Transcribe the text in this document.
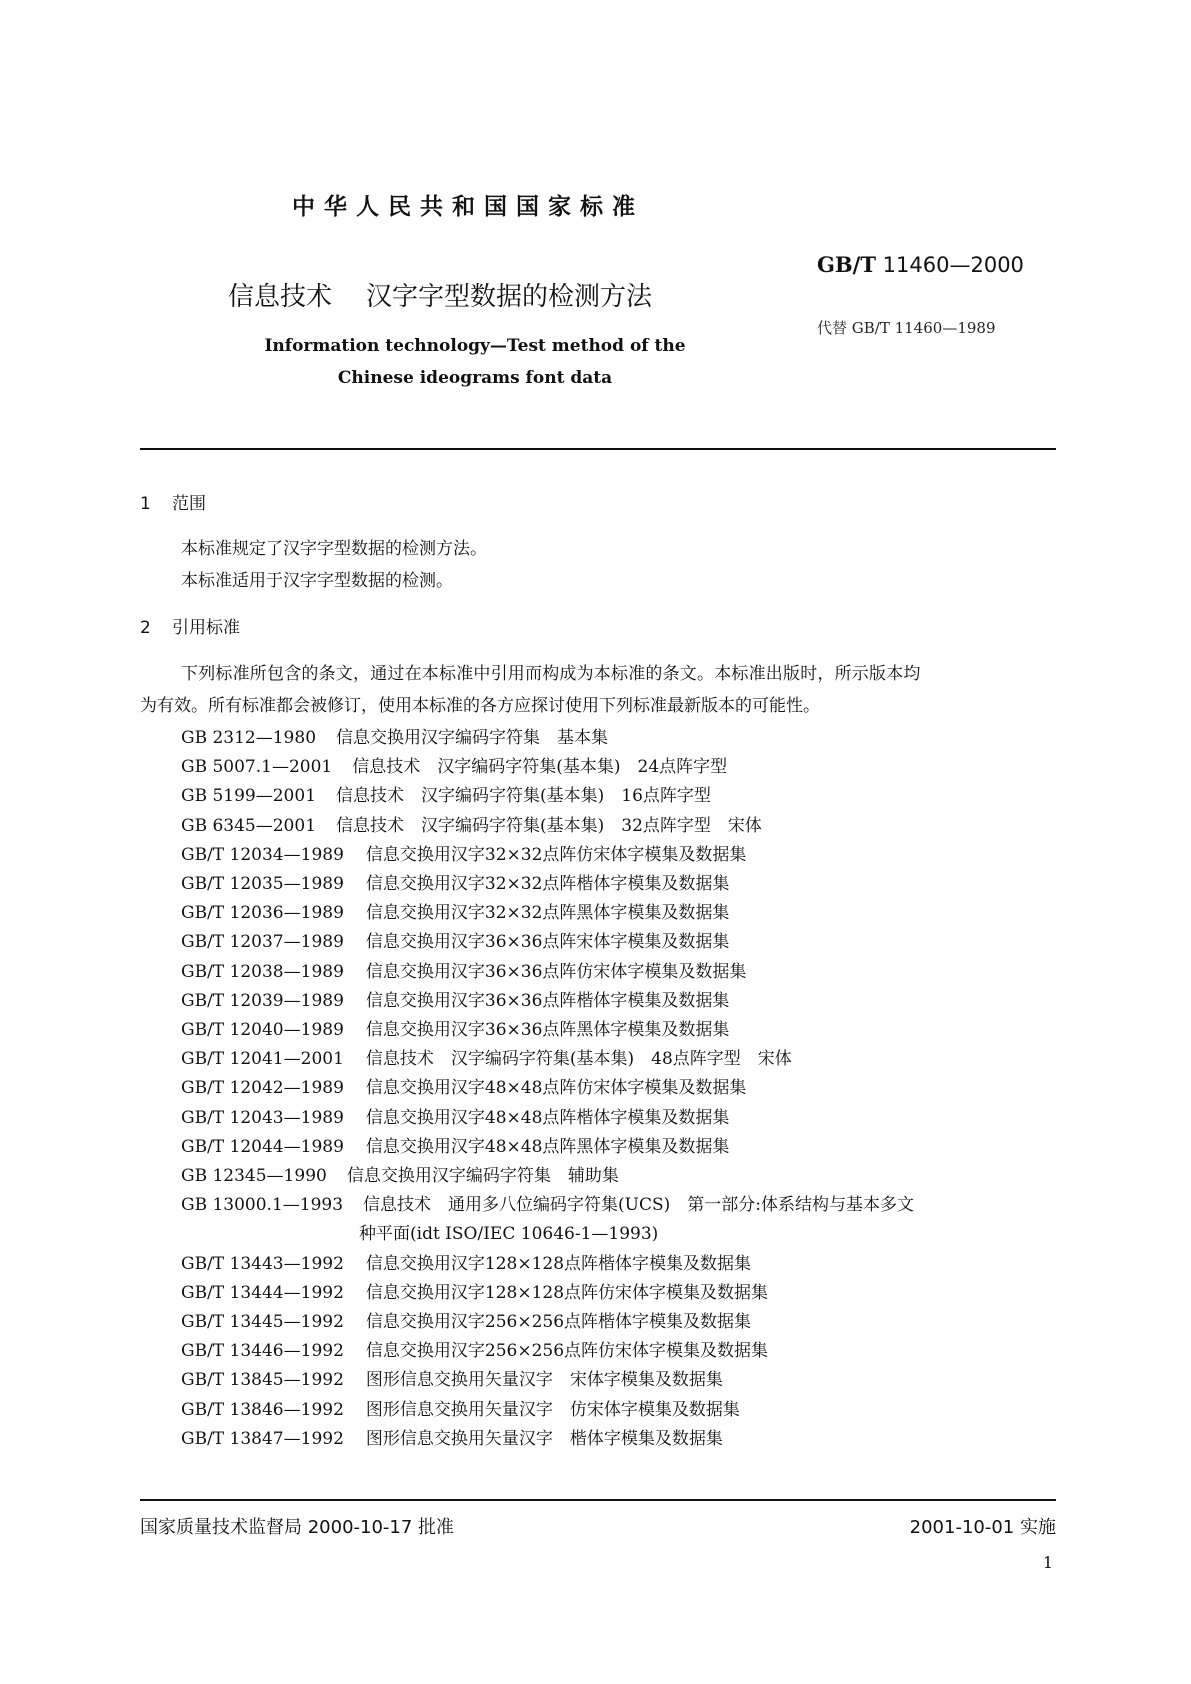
中华人民共和国国家标准
GB/T 11460—2000
信息技术 汉字字型数据的检测方法
代替 GB/T 11460—1989
Information technology—Test method of the
Chinese ideograms font data
1 范围
本标准规定了汉字字型数据的检测方法。
本标准适用于汉字字型数据的检测。
2 引用标准
下列标准所包含的条文，通过在本标准中引用而构成为本标准的条文。本标准出版时，所示版本均
为有效。所有标准都会被修订，使用本标准的各方应探讨使用下列标准最新版本的可能性。
GB 2312—1980 信息交换用汉字编码字符集　基本集
GB 5007.1—2001 信息技术　汉字编码字符集(基本集)　24点阵字型
GB 5199—2001 信息技术　汉字编码字符集(基本集)　16点阵字型
GB 6345—2001 信息技术　汉字编码字符集(基本集)　32点阵字型　宋体
GB/T 12034—1989 信息交换用汉字32×32点阵仿宋体字模集及数据集
GB/T 12035—1989 信息交换用汉字32×32点阵楷体字模集及数据集
GB/T 12036—1989 信息交换用汉字32×32点阵黑体字模集及数据集
GB/T 12037—1989 信息交换用汉字36×36点阵宋体字模集及数据集
GB/T 12038—1989 信息交换用汉字36×36点阵仿宋体字模集及数据集
GB/T 12039—1989 信息交换用汉字36×36点阵楷体字模集及数据集
GB/T 12040—1989 信息交换用汉字36×36点阵黑体字模集及数据集
GB/T 12041—2001 信息技术　汉字编码字符集(基本集)　48点阵字型　宋体
GB/T 12042—1989 信息交换用汉字48×48点阵仿宋体字模集及数据集
GB/T 12043—1989 信息交换用汉字48×48点阵楷体字模集及数据集
GB/T 12044—1989 信息交换用汉字48×48点阵黑体字模集及数据集
GB 12345—1990 信息交换用汉字编码字符集　辅助集
GB 13000.1—1993 信息技术　通用多八位编码字符集(UCS)　第一部分:体系结构与基本多文
种平面(idt ISO/IEC 10646-1—1993)
GB/T 13443—1992 信息交换用汉字128×128点阵楷体字模集及数据集
GB/T 13444—1992 信息交换用汉字128×128点阵仿宋体字模集及数据集
GB/T 13445—1992 信息交换用汉字256×256点阵楷体字模集及数据集
GB/T 13446—1992 信息交换用汉字256×256点阵仿宋体字模集及数据集
GB/T 13845—1992 图形信息交换用矢量汉字　宋体字模集及数据集
GB/T 13846—1992 图形信息交换用矢量汉字　仿宋体字模集及数据集
GB/T 13847—1992 图形信息交换用矢量汉字　楷体字模集及数据集
国家质量技术监督局 2000-10-17 批准	2001-10-01 实施
1
